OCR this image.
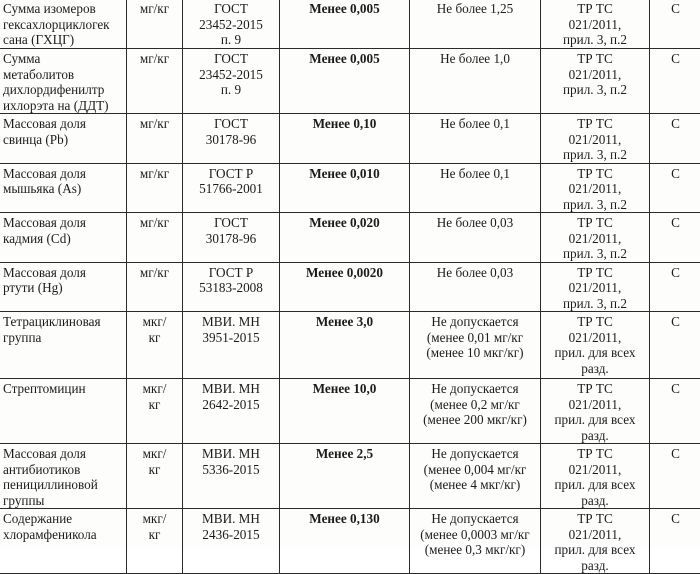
Сумма изомеров
гексахлорциклогек
сана (ГХЦГ)	мг/кг	ГОСТ
23452-2015
п. 9	Менее 0,005	Не более 1,25	ТР ТС
021/2011,
прил. 3, п.2	С

Сумма
метаболитов
дихлордифенилтр
ихлорэта на (ДДТ)	мг/кг	ГОСТ
23452-2015
п. 9	Менее 0,005	Не более 1,0	ТР ТС
021/2011,
прил. 3, п.2	С

Массовая доля
свинца (Pb)	мг/кг	ГОСТ
30178-96	Менее 0,10	Не более 0,1	ТР ТС
021/2011,
прил. 3, п.2	С

Массовая доля
мышьяка (As)	мг/кг	ГОСТ Р
51766-2001	Менее 0,010	Не более 0,1	ТР ТС
021/2011,
прил. 3, п.2	С

Массовая доля
кадмия (Cd)	мг/кг	ГОСТ
30178-96	Менее 0,020	Не более 0,03	ТР ТС
021/2011,
прил. 3, п.2	С

Массовая доля
ртути (Hg)	мг/кг	ГОСТ Р
53183-2008	Менее 0,0020	Не более 0,03	ТР ТС
021/2011,
прил. 3, п.2	С

Тетрациклиновая
группа	мкг/
кг	МВИ. МН
3951-2015	Менее 3,0	Не допускается
(менее 0,01 мг/кг
(менее 10 мкг/кг)	ТР ТС
021/2011,
прил. для всех
разд.	С

Стрептомицин	мкг/
кг	МВИ. МН
2642-2015	Менее 10,0	Не допускается
(менее 0,2 мг/кг
(менее 200 мкг/кг)	ТР ТС
021/2011,
прил. для всех
разд.	С

Массовая доля
антибиотиков
пенициллиновой
группы	мкг/
кг	МВИ. МН
5336-2015	Менее 2,5	Не допускается
(менее 0,004 мг/кг
(менее 4 мкг/кг)	ТР ТС
021/2011,
прил. для всех
разд.	С

Содержание
хлорамфеникола	мкг/
кг	МВИ. МН
2436-2015	Менее 0,130	Не допускается
(менее 0,0003 мг/кг
(менее 0,3 мкг/кг)	ТР ТС
021/2011,
прил. для всех
разд.	С
